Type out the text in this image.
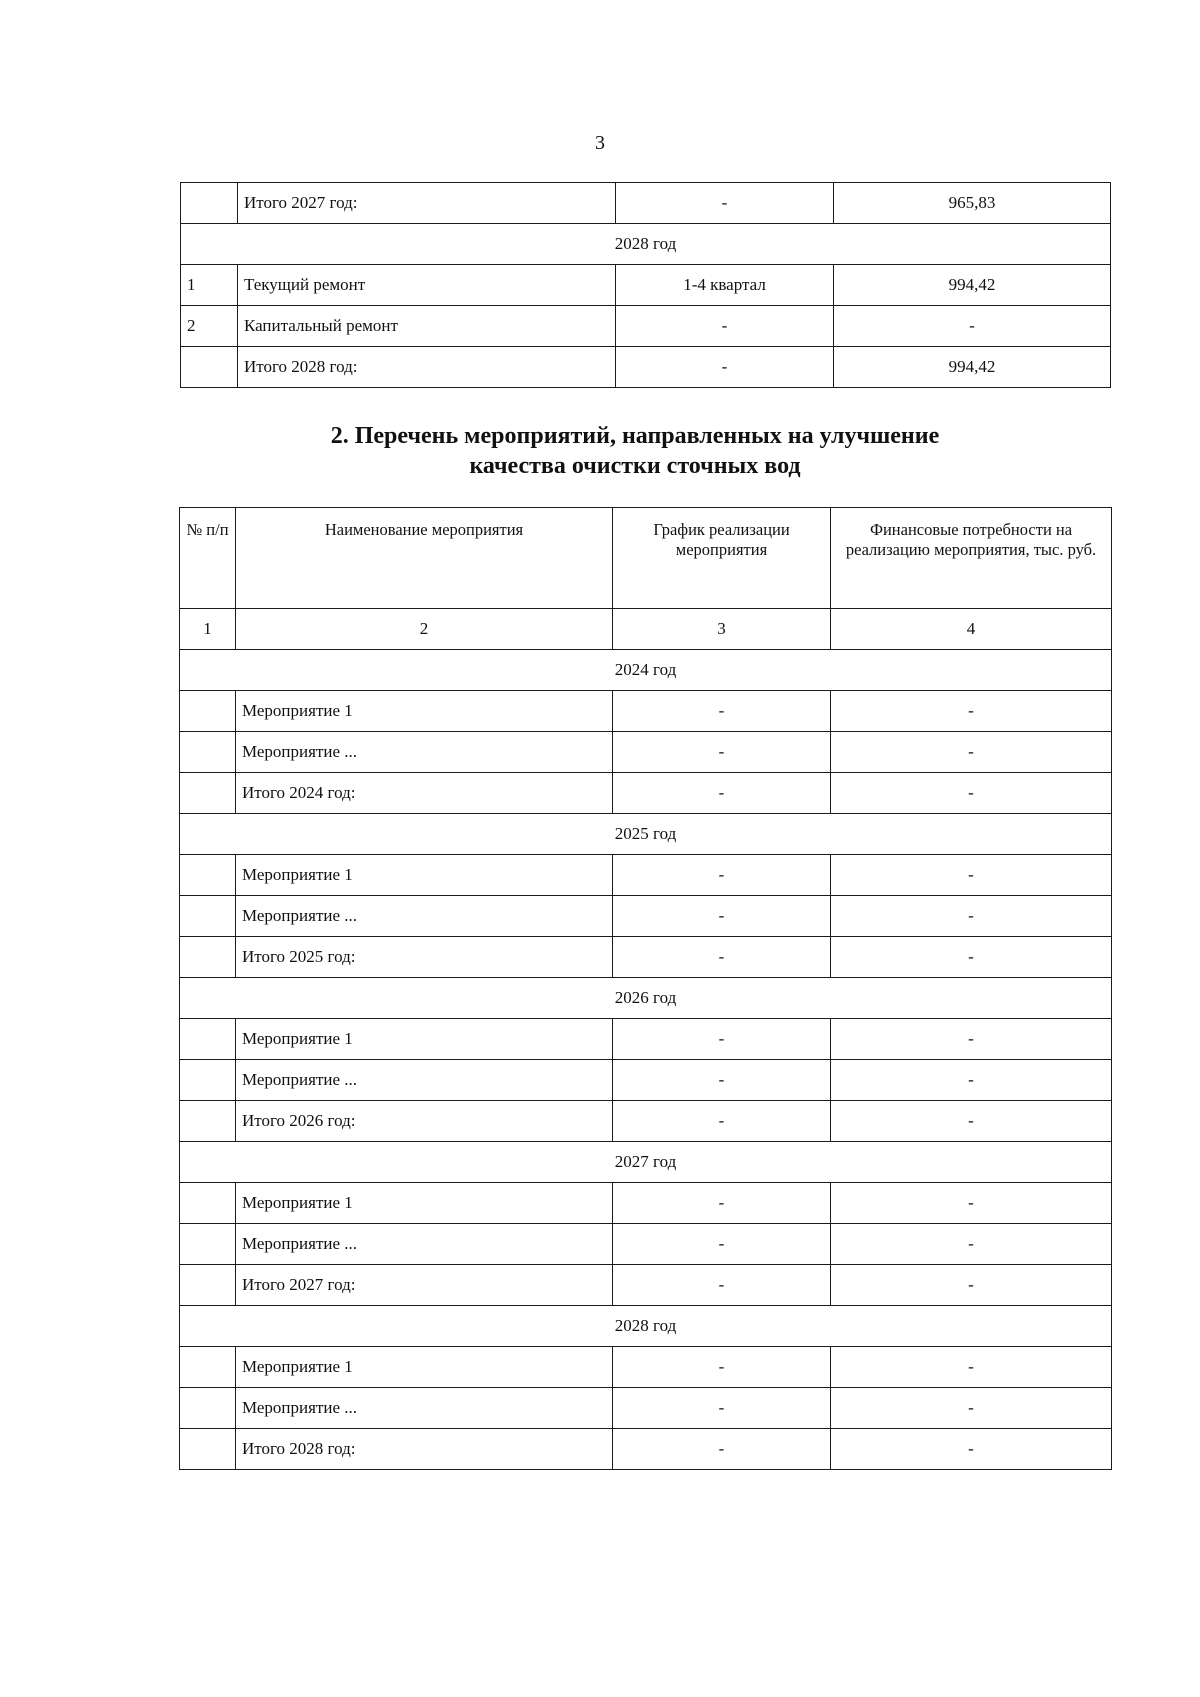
3
	Итого 2027 год:	-	965,83
2028 год			
1	Текущий ремонт	1-4 квартал	994,42
2	Капитальный ремонт	-	-
	Итого 2028 год:	-	994,42
2. Перечень мероприятий, направленных на улучшение
качества очистки сточных вод
№ п/п	Наименование мероприятия	График реализации мероприятия	Финансовые потребности на реализацию мероприятия, тыс. руб.
1	2	3	4
2024 год			
	Мероприятие 1	-	-
	Мероприятие ...	-	-
	Итого 2024 год:	-	-
2025 год			
	Мероприятие 1	-	-
	Мероприятие ...	-	-
	Итого 2025 год:	-	-
2026 год			
	Мероприятие 1	-	-
	Мероприятие ...	-	-
	Итого 2026 год:	-	-
2027 год			
	Мероприятие 1	-	-
	Мероприятие ...	-	-
	Итого 2027 год:	-	-
2028 год			
	Мероприятие 1	-	-
	Мероприятие ...	-	-
	Итого 2028 год:	-	-
